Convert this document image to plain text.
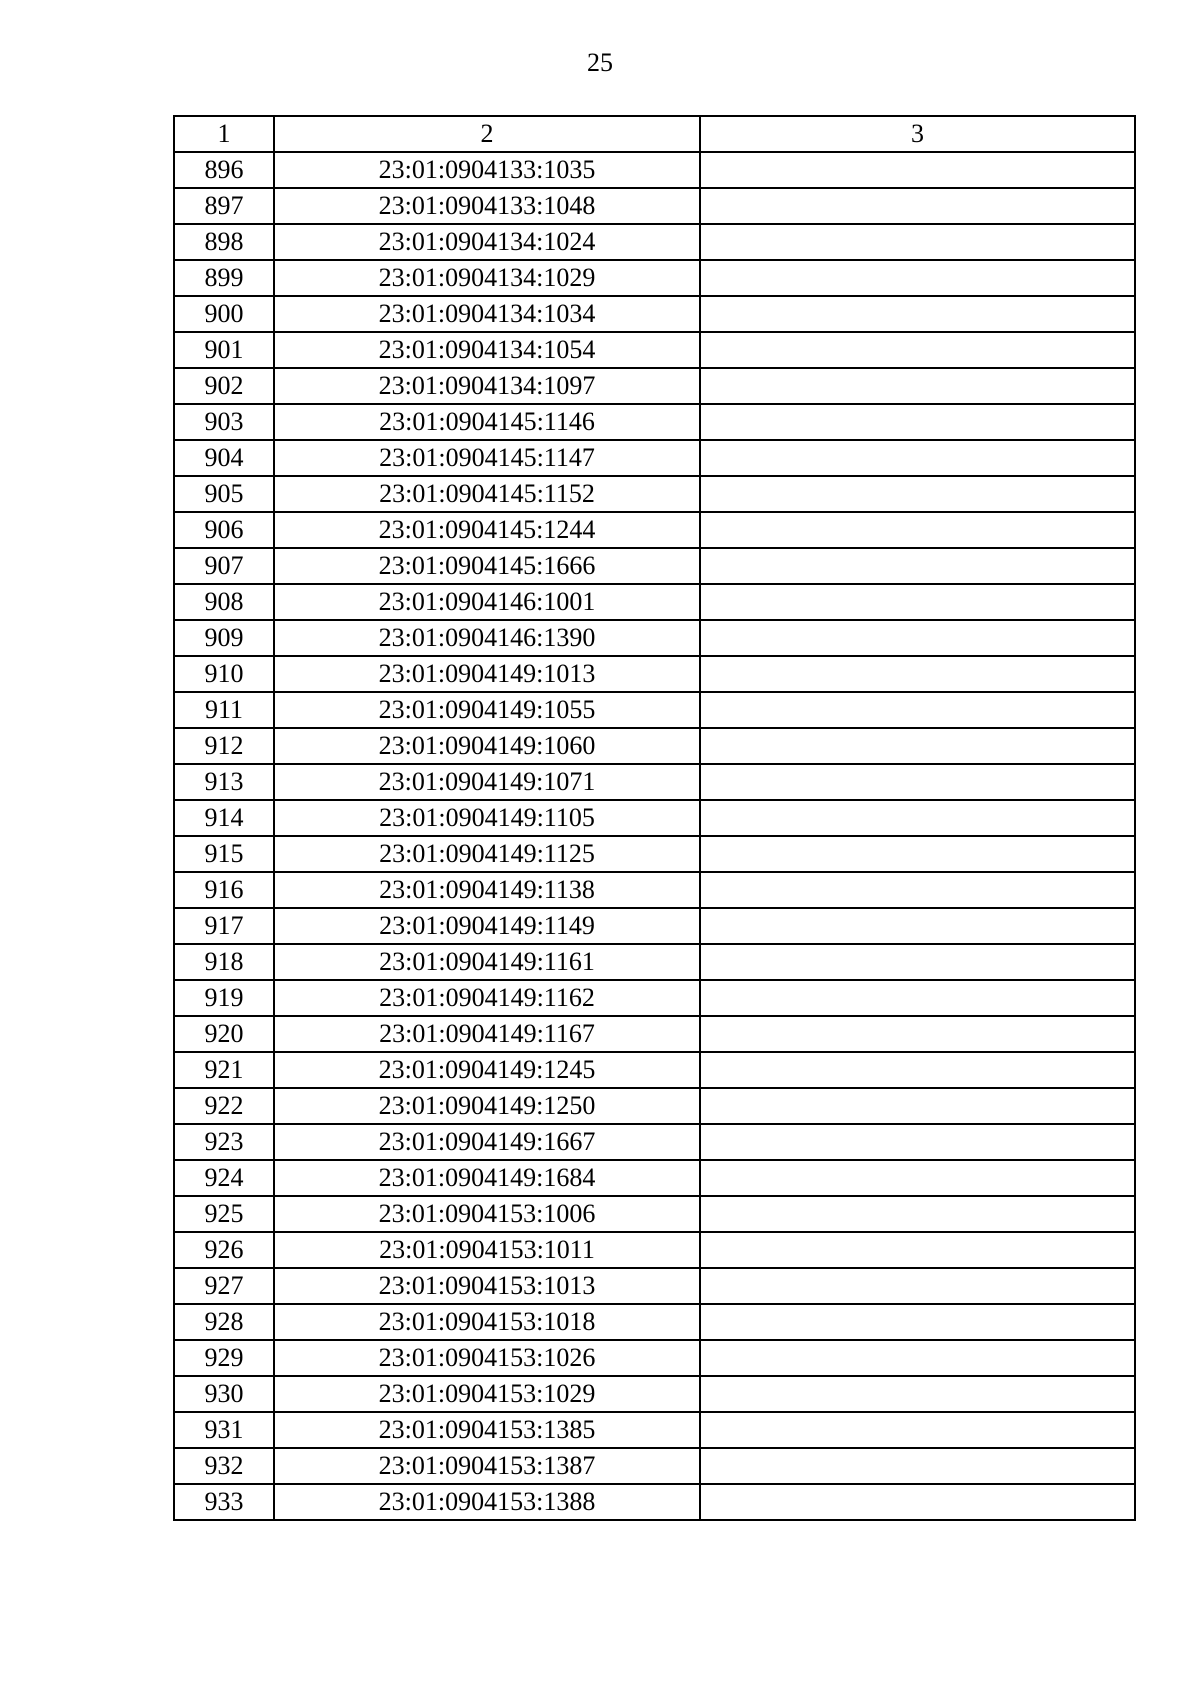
25
1	2	3
896	23:01:0904133:1035	
897	23:01:0904133:1048	
898	23:01:0904134:1024	
899	23:01:0904134:1029	
900	23:01:0904134:1034	
901	23:01:0904134:1054	
902	23:01:0904134:1097	
903	23:01:0904145:1146	
904	23:01:0904145:1147	
905	23:01:0904145:1152	
906	23:01:0904145:1244	
907	23:01:0904145:1666	
908	23:01:0904146:1001	
909	23:01:0904146:1390	
910	23:01:0904149:1013	
911	23:01:0904149:1055	
912	23:01:0904149:1060	
913	23:01:0904149:1071	
914	23:01:0904149:1105	
915	23:01:0904149:1125	
916	23:01:0904149:1138	
917	23:01:0904149:1149	
918	23:01:0904149:1161	
919	23:01:0904149:1162	
920	23:01:0904149:1167	
921	23:01:0904149:1245	
922	23:01:0904149:1250	
923	23:01:0904149:1667	
924	23:01:0904149:1684	
925	23:01:0904153:1006	
926	23:01:0904153:1011	
927	23:01:0904153:1013	
928	23:01:0904153:1018	
929	23:01:0904153:1026	
930	23:01:0904153:1029	
931	23:01:0904153:1385	
932	23:01:0904153:1387	
933	23:01:0904153:1388	
